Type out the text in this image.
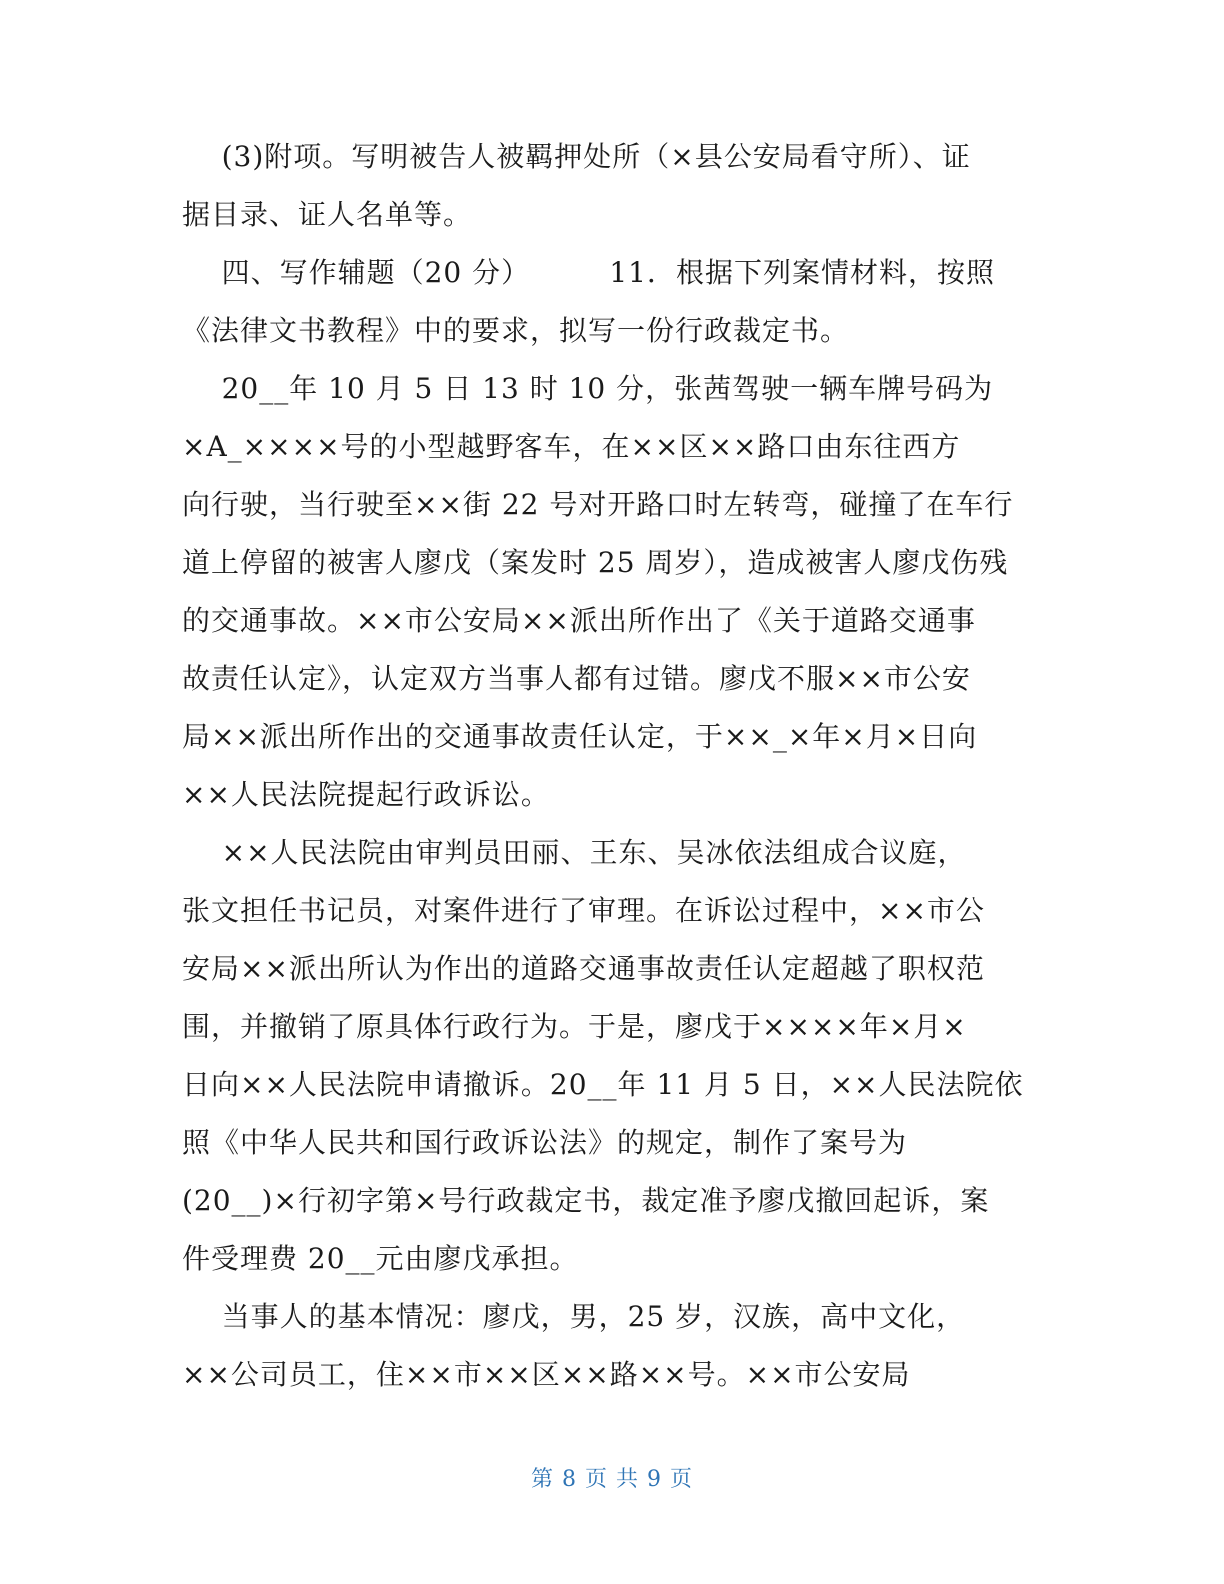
(3)附项。写明被告人被羁押处所（×县公安局看守所）、证
据目录、证人名单等。
四、写作辅题（20 分）        11．根据下列案情材料，按照
《法律文书教程》中的要求，拟写一份行政裁定书。
20__年 10 月 5 日 13 时 10 分，张茜驾驶一辆车牌号码为
×A_××××号的小型越野客车，在××区××路口由东往西方
向行驶，当行驶至××街 22 号对开路口时左转弯，碰撞了在车行
道上停留的被害人廖戊（案发时 25 周岁），造成被害人廖戊伤残
的交通事故。××市公安局××派出所作出了《关于道路交通事
故责任认定》，认定双方当事人都有过错。廖戊不服××市公安
局××派出所作出的交通事故责任认定，于××_×年×月×日向
××人民法院提起行政诉讼。
××人民法院由审判员田丽、王东、吴冰依法组成合议庭，
张文担任书记员，对案件进行了审理。在诉讼过程中，××市公
安局××派出所认为作出的道路交通事故责任认定超越了职权范
围，并撤销了原具体行政行为。于是，廖戊于××××年×月×
日向××人民法院申请撤诉。20__年 11 月 5 日，××人民法院依
照《中华人民共和国行政诉讼法》的规定，制作了案号为
(20__)×行初字第×号行政裁定书，裁定准予廖戊撤回起诉，案
件受理费 20__元由廖戊承担。
当事人的基本情况：廖戊，男，25 岁，汉族，高中文化，
××公司员工，住××市××区××路××号。××市公安局
第 8 页 共 9 页
